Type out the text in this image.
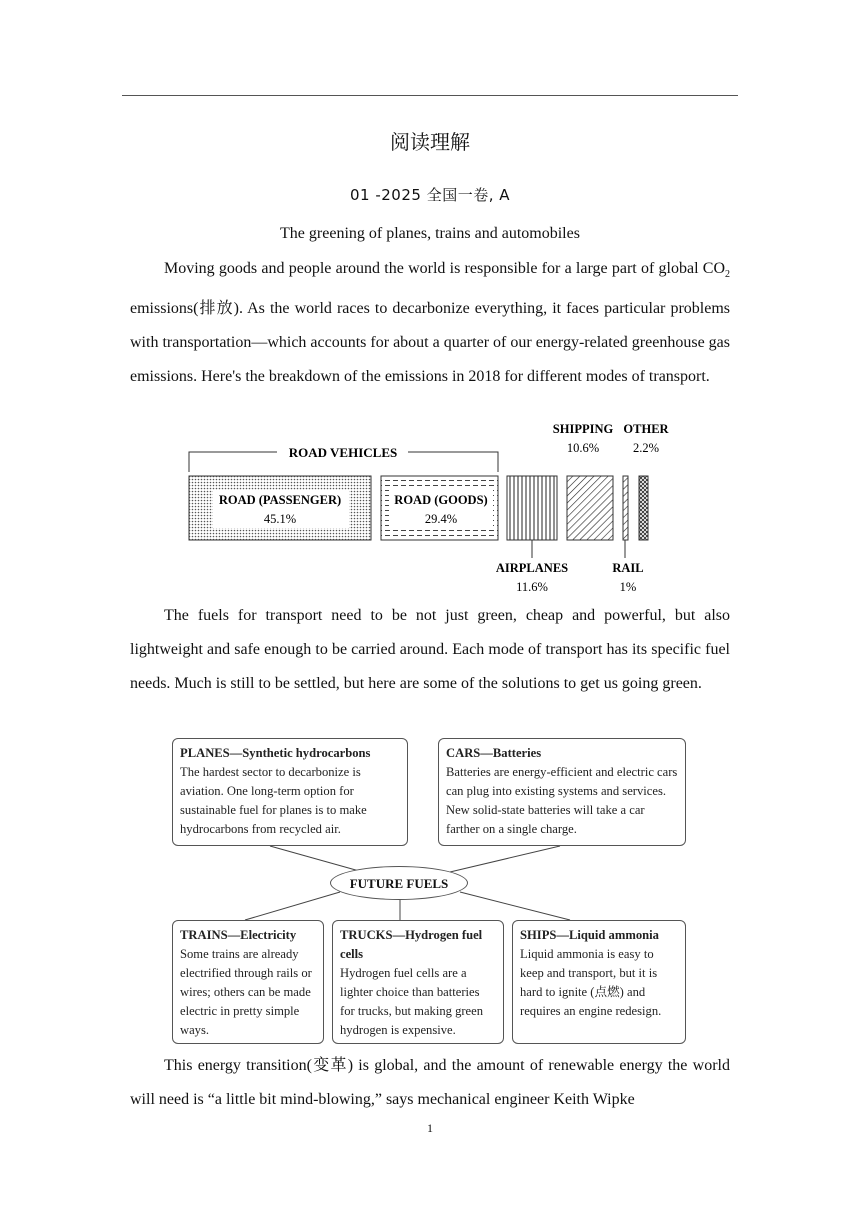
阅读理解
01 -2025 全国一卷, A
The greening of planes, trains and automobiles

Moving goods and people around the world is responsible for a large part of global $CO_2$ emissions(排放). As the world races to decarbonize everything, it faces particular problems with transportation—which accounts for about a quarter of our energy-related greenhouse gas emissions. Here's the breakdown of the emissions in 2018 for different modes of transport.

ROAD VEHICLES
ROAD (PASSENGER)
45.1%
ROAD (GOODS)
29.4%
SHIPPING
10.6%
OTHER
2.2%
AIRPLANES
11.6%
RAIL
1%

The fuels for transport need to be not just green, cheap and powerful, but also lightweight and safe enough to be carried around. Each mode of transport has its specific fuel needs. Much is still to be settled, but here are some of the solutions to get us going green.

PLANES—Synthetic hydrocarbons
The hardest sector to decarbonize is aviation. One long-term option for sustainable fuel for planes is to make hydrocarbons from recycled air.
CARS—Batteries
Batteries are energy-efficient and electric cars can plug into existing systems and services. New solid-state batteries will take a car farther on a single charge.
FUTURE FUELS
TRAINS—Electricity
Some trains are already electrified through rails or wires; others can be made electric in pretty simple ways.
TRUCKS—Hydrogen fuel cells
Hydrogen fuel cells are a lighter choice than batteries for trucks, but making green hydrogen is expensive.
SHIPS—Liquid ammonia
Liquid ammonia is easy to keep and transport, but it is hard to ignite (点燃) and requires an engine redesign.

This energy transition(变革) is global, and the amount of renewable energy the world will need is “a little bit mind-blowing,” says mechanical engineer Keith Wipke

1
